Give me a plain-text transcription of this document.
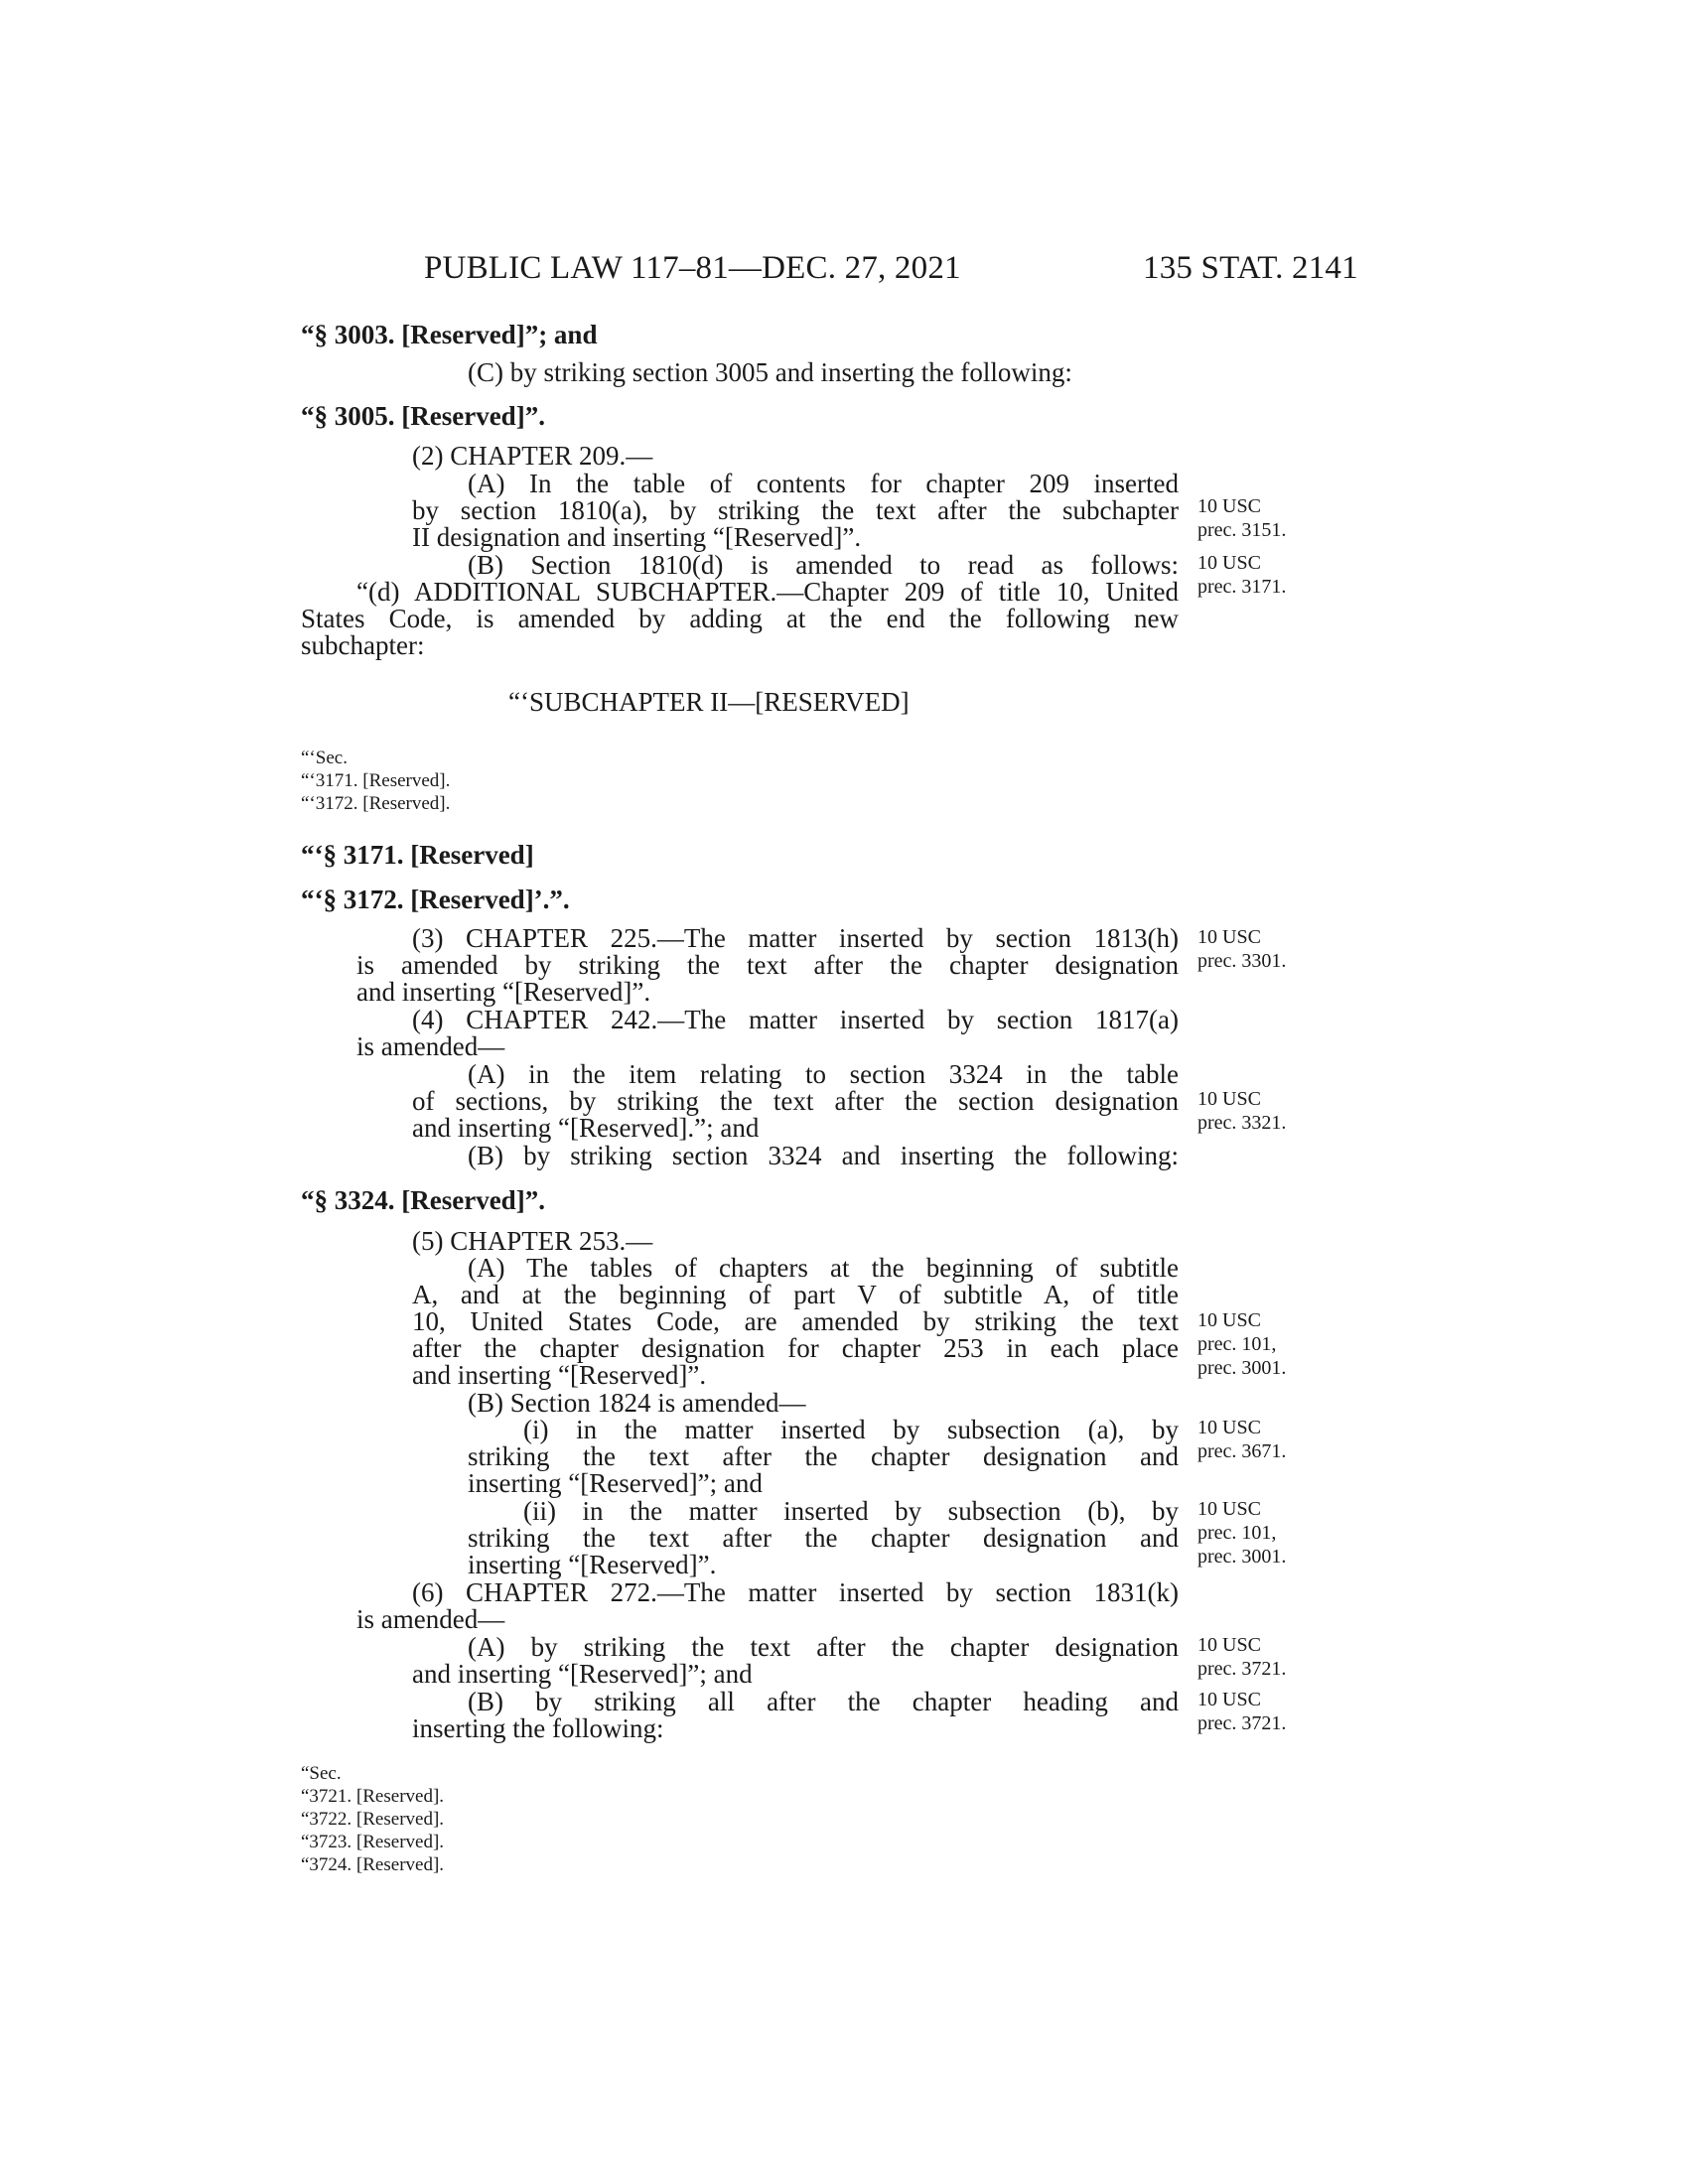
PUBLIC LAW 117–81—DEC. 27, 2021	135 STAT. 2141
“§ 3003. [Reserved]”; and
(C) by striking section 3005 and inserting the following:
“§ 3005. [Reserved]”.
(2) CHAPTER 209.—
(A) In the table of contents for chapter 209 inserted
by section 1810(a), by striking the text after the subchapter
II designation and inserting “[Reserved]”.
(B) Section 1810(d) is amended to read as follows:
“(d) ADDITIONAL SUBCHAPTER.—Chapter 209 of title 10, United
States Code, is amended by adding at the end the following new
subchapter:
“‘SUBCHAPTER II—[RESERVED]
“‘Sec.
“‘3171. [Reserved].
“‘3172. [Reserved].
“‘§ 3171. [Reserved]
“‘§ 3172. [Reserved]’.”.
(3) CHAPTER 225.—The matter inserted by section 1813(h)
is amended by striking the text after the chapter designation
and inserting “[Reserved]”.
(4) CHAPTER 242.—The matter inserted by section 1817(a)
is amended—
(A) in the item relating to section 3324 in the table
of sections, by striking the text after the section designation
and inserting “[Reserved].”; and
(B) by striking section 3324 and inserting the following:
“§ 3324. [Reserved]”.
(5) CHAPTER 253.—
(A) The tables of chapters at the beginning of subtitle
A, and at the beginning of part V of subtitle A, of title
10, United States Code, are amended by striking the text
after the chapter designation for chapter 253 in each place
and inserting “[Reserved]”.
(B) Section 1824 is amended—
(i) in the matter inserted by subsection (a), by
striking the text after the chapter designation and
inserting “[Reserved]”; and
(ii) in the matter inserted by subsection (b), by
striking the text after the chapter designation and
inserting “[Reserved]”.
(6) CHAPTER 272.—The matter inserted by section 1831(k)
is amended—
(A) by striking the text after the chapter designation
and inserting “[Reserved]”; and
(B) by striking all after the chapter heading and
inserting the following:
“Sec.
“3721. [Reserved].
“3722. [Reserved].
“3723. [Reserved].
“3724. [Reserved].
10 USC
prec. 3151.
10 USC
prec. 3171.
10 USC
prec. 3301.
10 USC
prec. 3321.
10 USC
prec. 101,
prec. 3001.
10 USC
prec. 3671.
10 USC
prec. 101,
prec. 3001.
10 USC
prec. 3721.
10 USC
prec. 3721.
